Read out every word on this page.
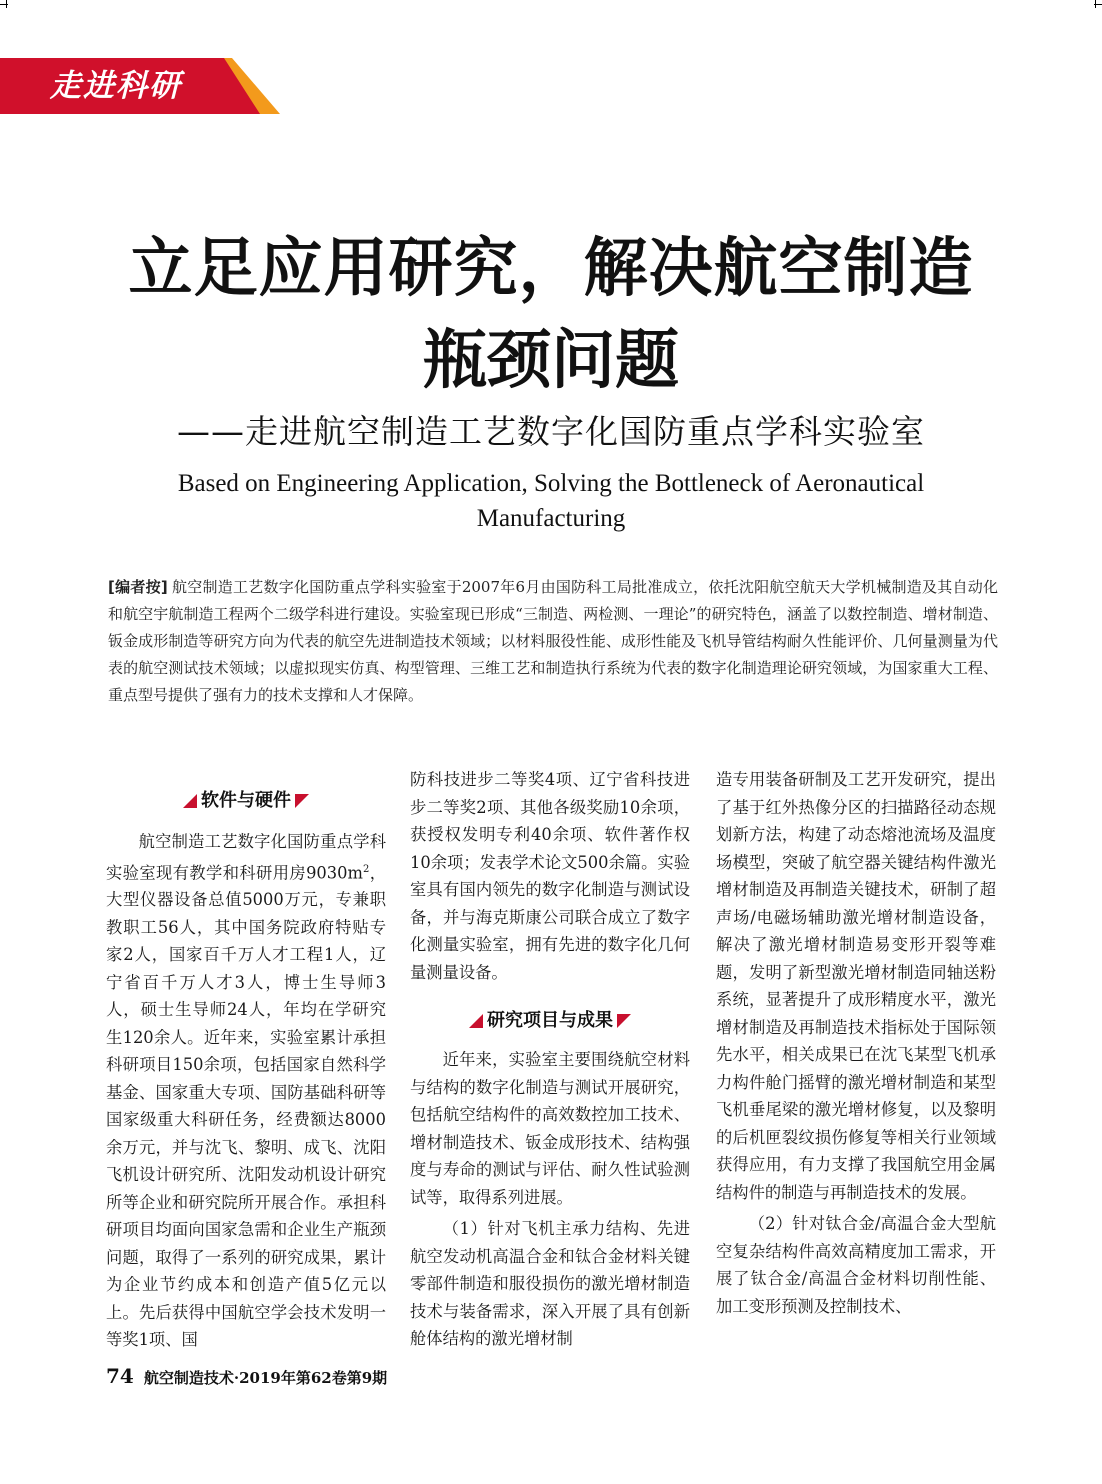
走进科研
立足应用研究，解决航空制造
瓶颈问题
——走进航空制造工艺数字化国防重点学科实验室
Based on Engineering Application, Solving the Bottleneck of Aeronautical
Manufacturing

[编者按] 航空制造工艺数字化国防重点学科实验室于2007年6月由国防科工局批准成立，依托沈阳航空航天大学机械制造及其自动化和航空宇航制造工程两个二级学科进行建设。实验室现已形成“三制造、两检测、一理论”的研究特色，涵盖了以数控制造、增材制造、钣金成形制造等研究方向为代表的航空先进制造技术领域；以材料服役性能、成形性能及飞机导管结构耐久性能评价、几何量测量为代表的航空测试技术领域；以虚拟现实仿真、构型管理、三维工艺和制造执行系统为代表的数字化制造理论研究领域，为国家重大工程、重点型号提供了强有力的技术支撑和人才保障。

软件与硬件

航空制造工艺数字化国防重点学科实验室现有教学和科研用房$9030m^2$，大型仪器设备总值5000万元，专兼职教职工56人，其中国务院政府特贴专家2人，国家百千万人才工程1人，辽宁省百千万人才3人，博士生导师3人，硕士生导师24人，年均在学研究生120余人。近年来，实验室累计承担科研项目150余项，包括国家自然科学基金、国家重大专项、国防基础科研等国家级重大科研任务，经费额达8000余万元，并与沈飞、黎明、成飞、沈阳飞机设计研究所、沈阳发动机设计研究所等企业和研究院所开展合作。承担科研项目均面向国家急需和企业生产瓶颈问题，取得了一系列的研究成果，累计为企业节约成本和创造产值5亿元以上。先后获得中国航空学会技术发明一等奖1项、国

防科技进步二等奖4项、辽宁省科技进步二等奖2项、其他各级奖励10余项，获授权发明专利40余项、软件著作权10余项；发表学术论文500余篇。实验室具有国内领先的数字化制造与测试设备，并与海克斯康公司联合成立了数字化测量实验室，拥有先进的数字化几何量测量设备。

研究项目与成果

近年来，实验室主要围绕航空材料与结构的数字化制造与测试开展研究，包括航空结构件的高效数控加工技术、增材制造技术、钣金成形技术、结构强度与寿命的测试与评估、耐久性试验测试等，取得系列进展。

（1）针对飞机主承力结构、先进航空发动机高温合金和钛合金材料关键零部件制造和服役损伤的激光增材制造技术与装备需求，深入开展了具有创新舱体结构的激光增材制

造专用装备研制及工艺开发研究，提出了基于红外热像分区的扫描路径动态规划新方法，构建了动态熔池流场及温度场模型，突破了航空器关键结构件激光增材制造及再制造关键技术，研制了超声场/电磁场辅助激光增材制造设备，解决了激光增材制造易变形开裂等难题，发明了新型激光增材制造同轴送粉系统，显著提升了成形精度水平，激光增材制造及再制造技术指标处于国际领先水平，相关成果已在沈飞某型飞机承力构件舱门摇臂的激光增材制造和某型飞机垂尾梁的激光增材修复，以及黎明的后机匣裂纹损伤修复等相关行业领域获得应用，有力支撑了我国航空用金属结构件的制造与再制造技术的发展。

（2）针对钛合金/高温合金大型航空复杂结构件高效高精度加工需求，开展了钛合金/高温合金材料切削性能、加工变形预测及控制技术、

74 航空制造技术·2019年第62卷第9期
